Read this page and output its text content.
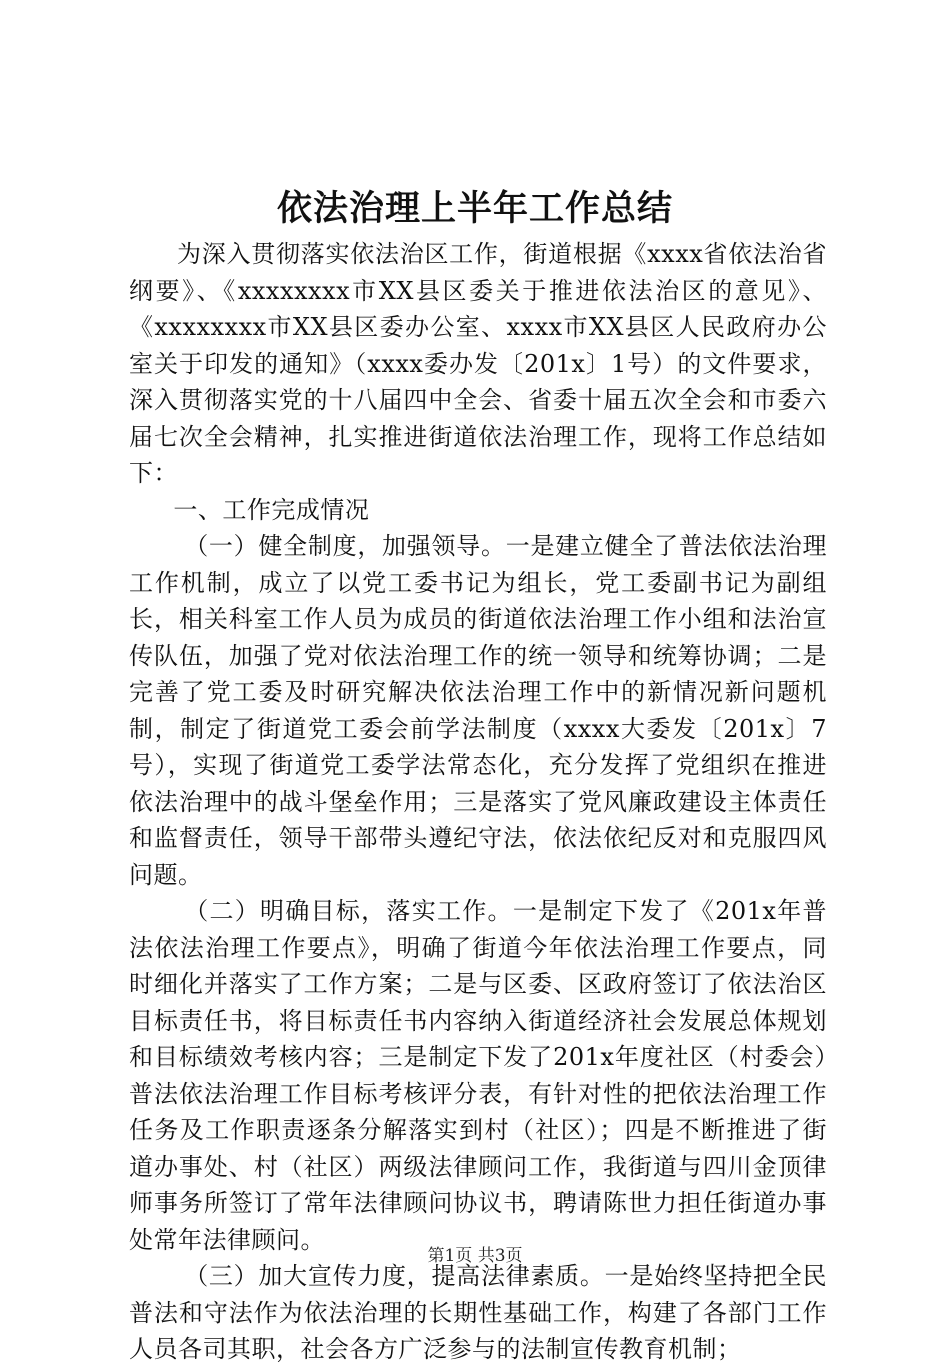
依法治理上半年工作总结

为深入贯彻落实依法治区工作，街道根据《xxxx省依法治省纲要》、《xxxxxxxx市XX县区委关于推进依法治区的意见》、《xxxxxxxx市XX县区委办公室、xxxx市XX县区人民政府办公室关于印发的通知》（xxxx委办发〔201x〕1号）的文件要求，深入贯彻落实党的十八届四中全会、省委十届五次全会和市委六届七次全会精神，扎实推进街道依法治理工作，现将工作总结如下：

一、工作完成情况

（一）健全制度，加强领导。一是建立健全了普法依法治理工作机制，成立了以党工委书记为组长，党工委副书记为副组长，相关科室工作人员为成员的街道依法治理工作小组和法治宣传队伍，加强了党对依法治理工作的统一领导和统筹协调；二是完善了党工委及时研究解决依法治理工作中的新情况新问题机制，制定了街道党工委会前学法制度（xxxx大委发〔201x〕7号），实现了街道党工委学法常态化，充分发挥了党组织在推进依法治理中的战斗堡垒作用；三是落实了党风廉政建设主体责任和监督责任，领导干部带头遵纪守法，依法依纪反对和克服四风问题。

（二）明确目标，落实工作。一是制定下发了《201x年普法依法治理工作要点》，明确了街道今年依法治理工作要点，同时细化并落实了工作方案；二是与区委、区政府签订了依法治区目标责任书，将目标责任书内容纳入街道经济社会发展总体规划和目标绩效考核内容；三是制定下发了201x年度社区（村委会）普法依法治理工作目标考核评分表，有针对性的把依法治理工作任务及工作职责逐条分解落实到村（社区）；四是不断推进了街道办事处、村（社区）两级法律顾问工作，我街道与四川金顶律师事务所签订了常年法律顾问协议书，聘请陈世力担任街道办事处常年法律顾问。

（三）加大宣传力度，提高法律素质。一是始终坚持把全民普法和守法作为依法治理的长期性基础工作，构建了各部门工作人员各司其职，社会各方广泛参与的法制宣传教育机制；

第1页 共3页
